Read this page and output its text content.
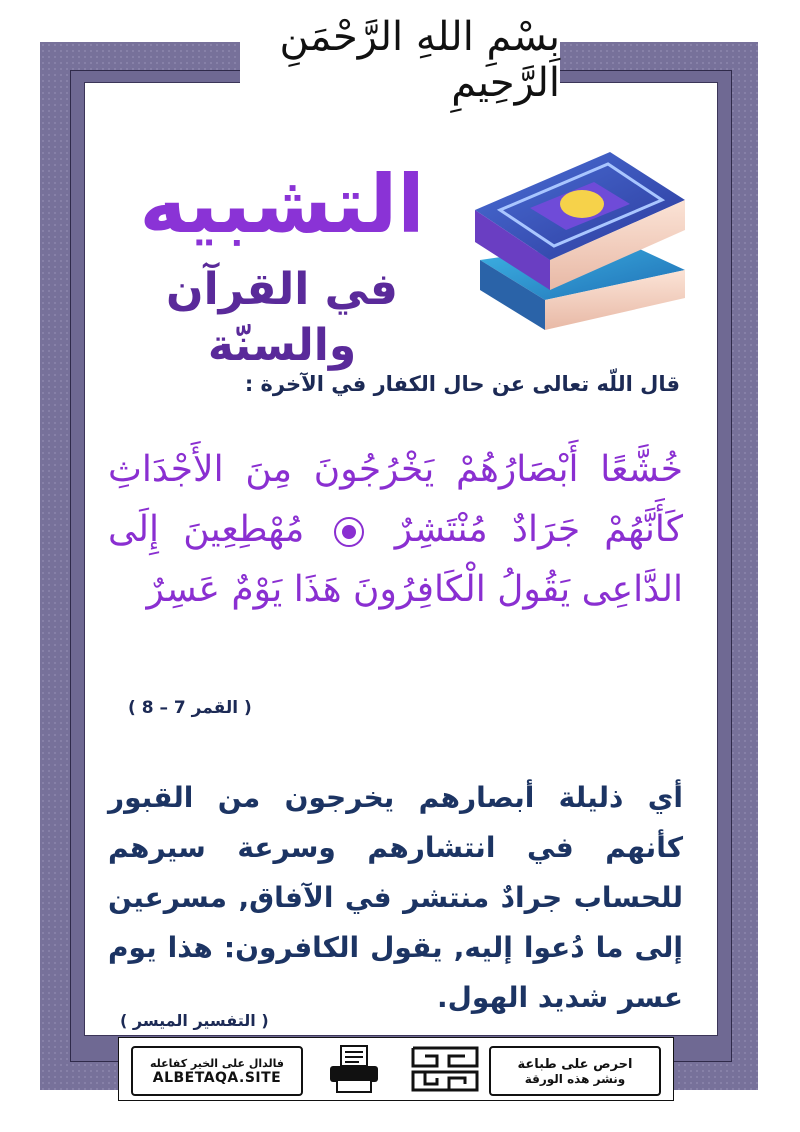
بِسْمِ اللهِ الرَّحْمَنِ الرَّحِيمِ
التشبيه
في القرآن والسنّة
قال اللّه تعالى عن حال الكفار في الآخرة :
خُشَّعًا أَبْصَارُهُمْ يَخْرُجُونَ مِنَ الأَجْدَاثِ كَأَنَّهُمْ جَرَادٌ مُنْتَشِرٌ  مُهْطِعِينَ إِلَى الدَّاعِى يَقُولُ الْكَافِرُونَ هَذَا يَوْمٌ عَسِرٌ
( القمر 7 – 8 )
أي ذليلة أبصارهم يخرجون من القبور كأنهم في انتشارهم وسرعة سيرهم للحساب جرادٌ منتشر في الآفاق, مسرعين إلى ما دُعوا إليه, يقول الكافرون: هذا يوم عسر شديد الهول.
( التفسير الميسر )
فالدال على الخير كفاعله
ALBETAQA.SITE
احرص على طباعة
ونشر هذه الورقة
